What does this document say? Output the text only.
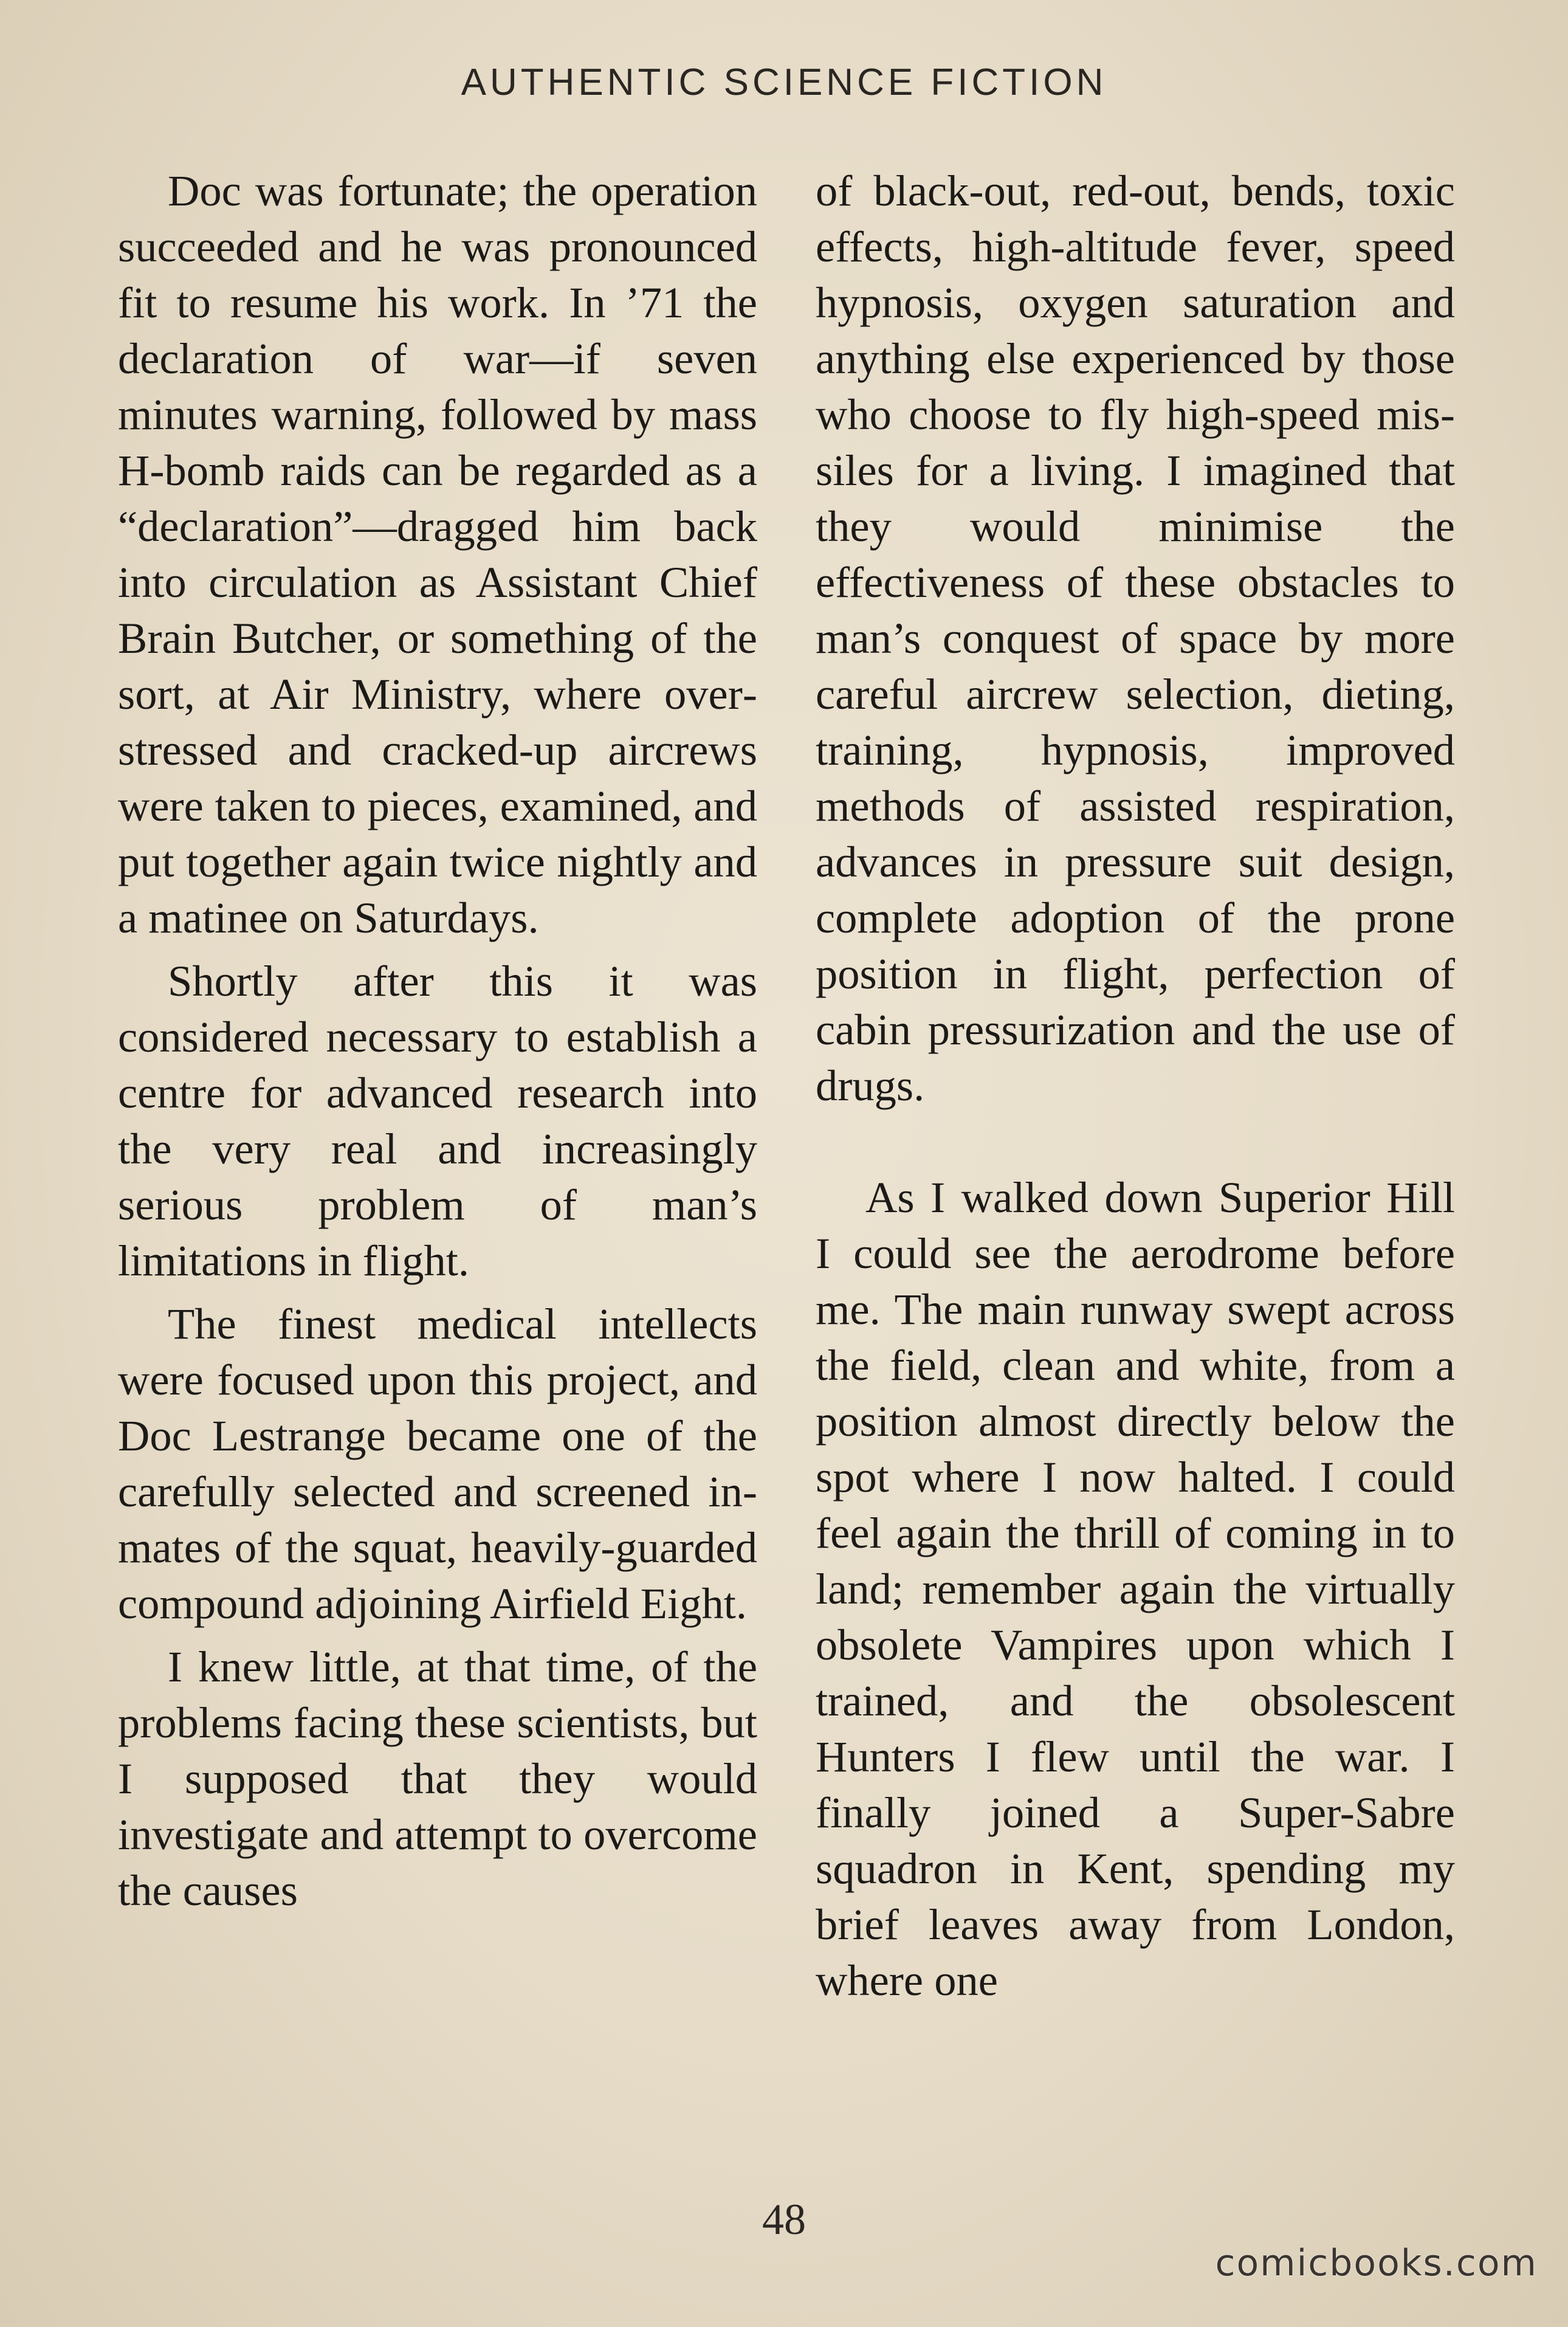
AUTHENTIC SCIENCE FICTION

Doc was fortunate; the operation succeeded and he was pronounced fit to resume his work. In ’71 the declaration of war—if seven minutes warning, followed by mass H-bomb raids can be regarded as a “declaration”—dragged him back into circulation as Assistant Chief Brain Butcher, or something of the sort, at Air Ministry, where overstressed and cracked-up aircrews were taken to pieces, examined, and put together again twice nightly and a matinee on Saturdays.

Shortly after this it was considered necessary to establish a centre for advanced research into the very real and increasingly serious problem of man’s limitations in flight.

The finest medical intellects were focused upon this project, and Doc Lestrange became one of the carefully selected and screened inmates of the squat, heavily-guarded compound adjoining Airfield Eight.

I knew little, at that time, of the problems facing these scientists, but I supposed that they would investigate and attempt to overcome the causes

of black-out, red-out, bends, toxic effects, high-altitude fever, speed hypnosis, oxygen saturation and anything else experienced by those who choose to fly high-speed missiles for a living. I imagined that they would minimise the effectiveness of these obstacles to man’s conquest of space by more careful aircrew selection, dieting, training, hypnosis, improved methods of assisted respiration, advances in pressure suit design, complete adoption of the prone position in flight, perfection of cabin pressurization and the use of drugs.

As I walked down Superior Hill I could see the aerodrome before me. The main runway swept across the field, clean and white, from a position almost directly below the spot where I now halted. I could feel again the thrill of coming in to land; remember again the virtually obsolete Vampires upon which I trained, and the obsolescent Hunters I flew until the war. I finally joined a Super-Sabre squadron in Kent, spending my brief leaves away from London, where one

48
comicbooks.com
